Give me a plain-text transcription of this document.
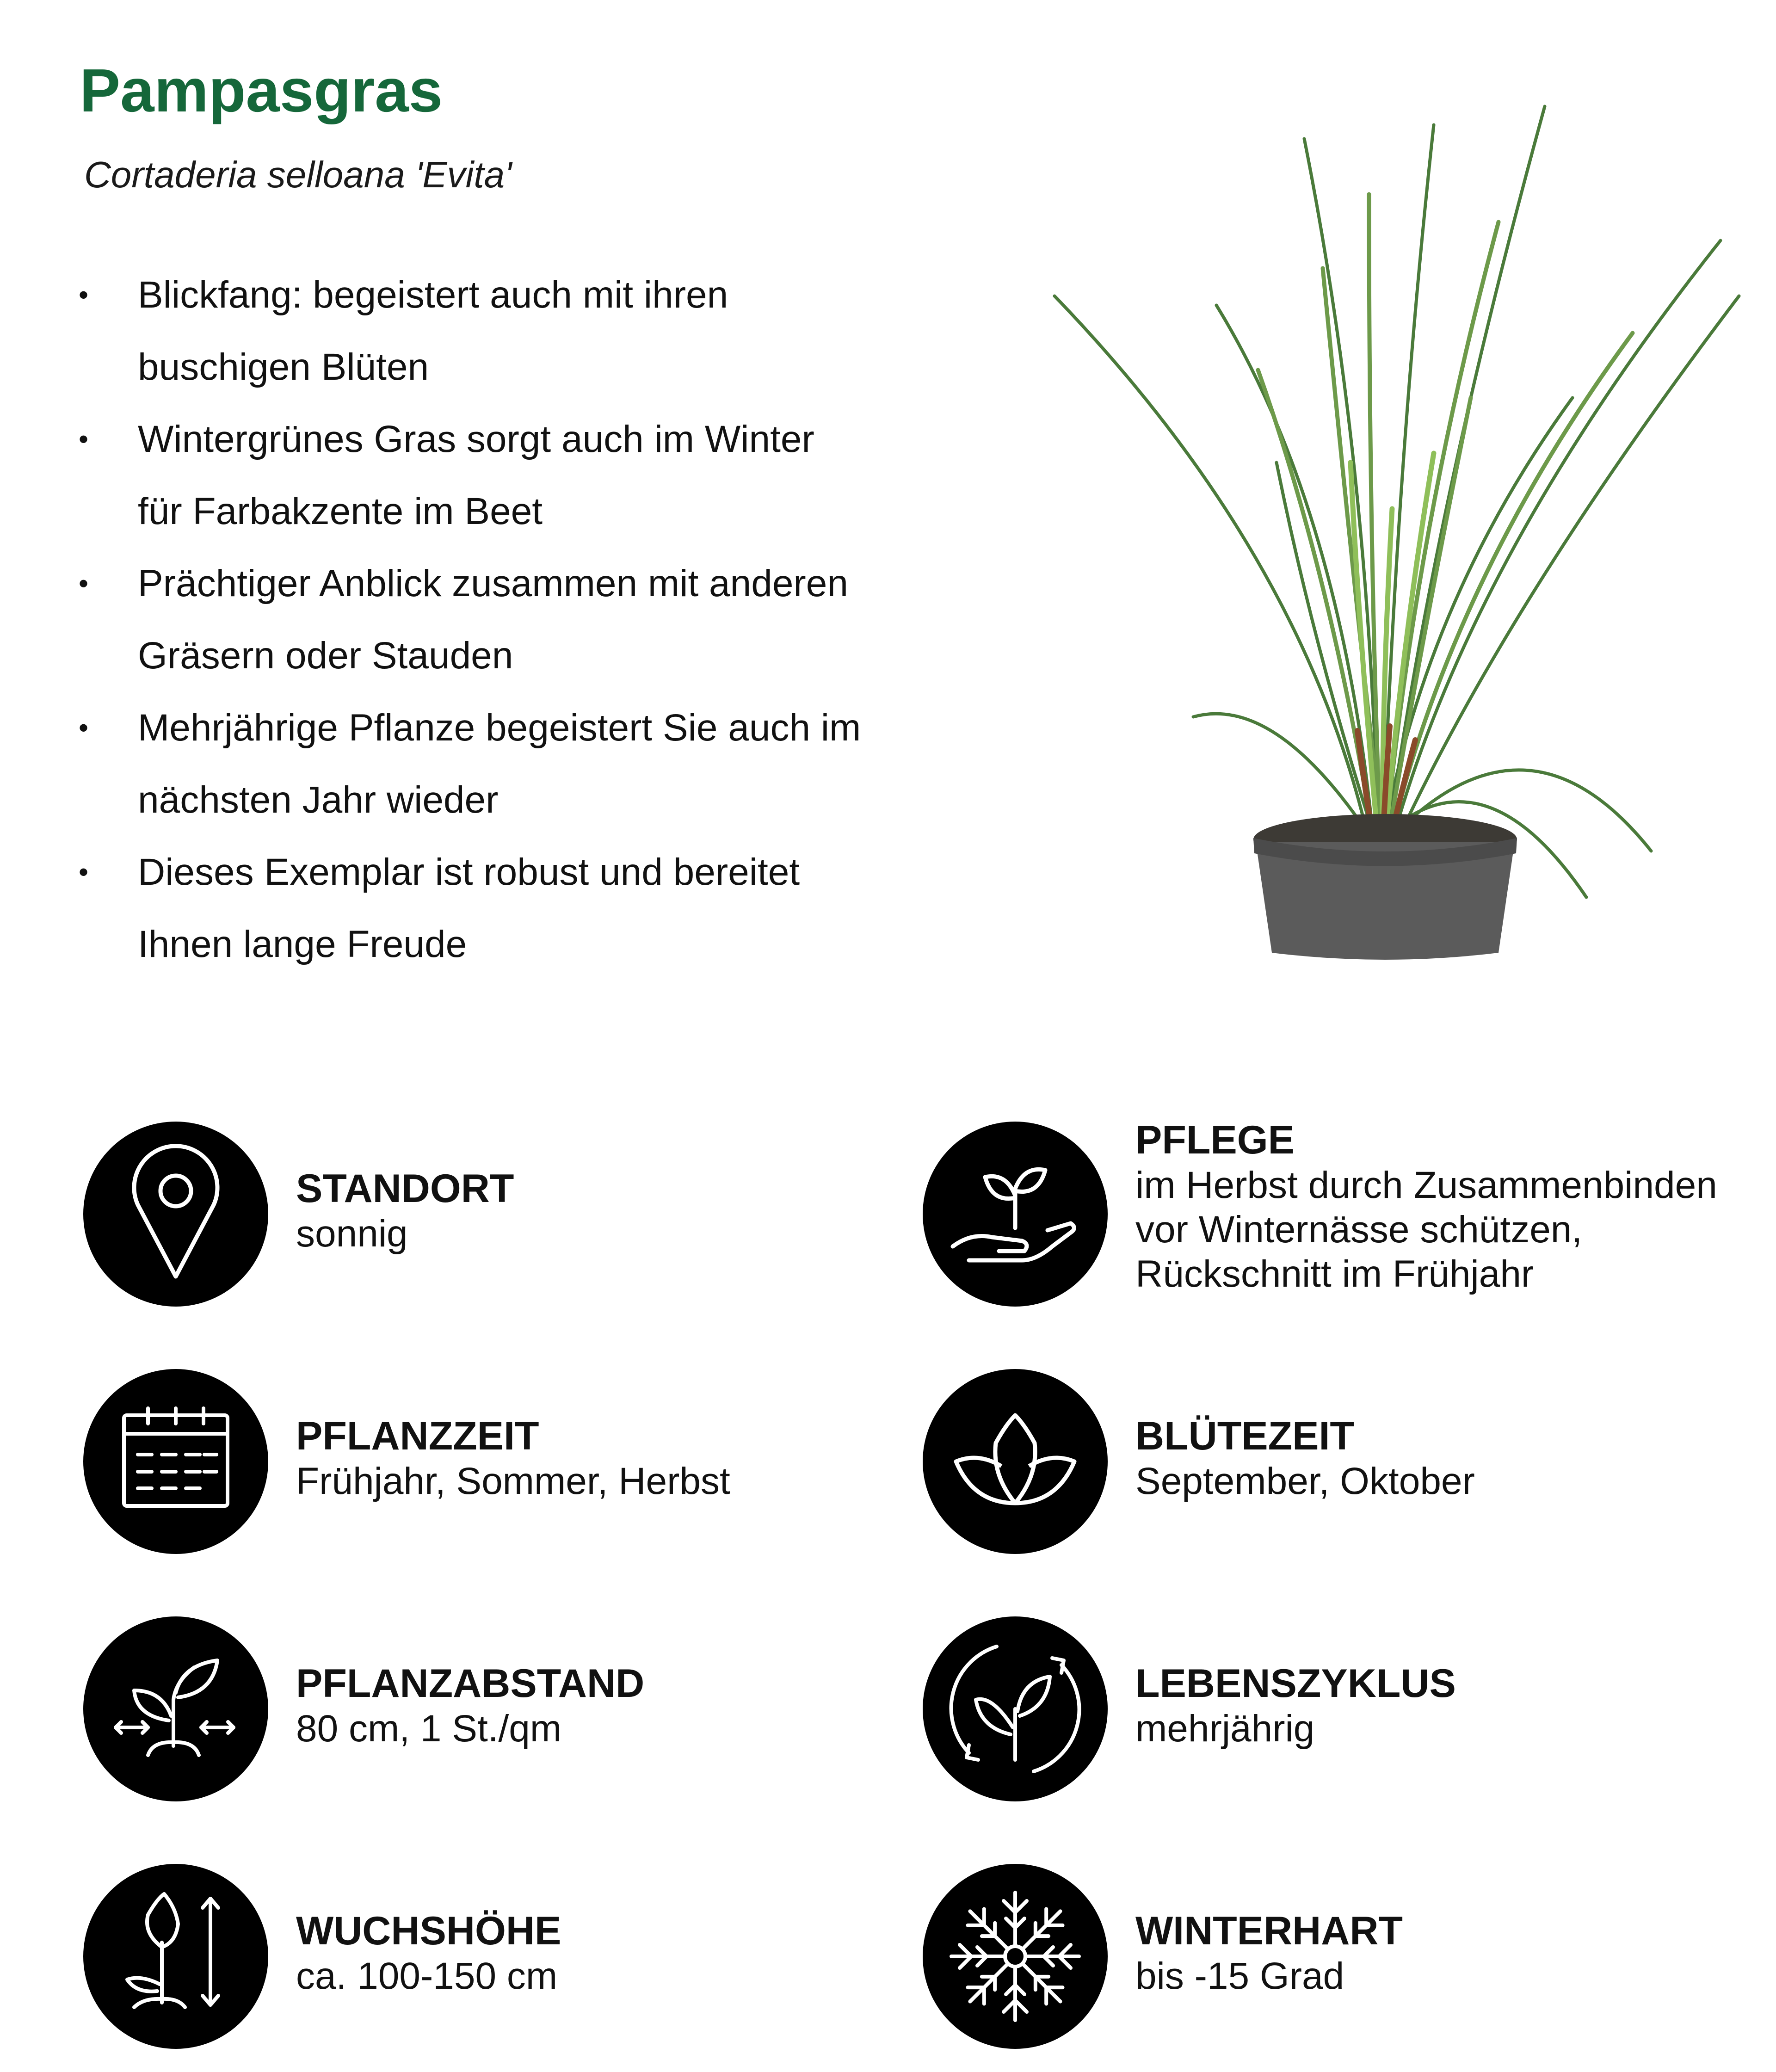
Pampasgras

Cortaderia selloana 'Evita'

• Blickfang: begeistert auch mit ihren
buschigen Blüten
• Wintergrünes Gras sorgt auch im Winter
für Farbakzente im Beet
• Prächtiger Anblick zusammen mit anderen
Gräsern oder Stauden
• Mehrjährige Pflanze begeistert Sie auch im
nächsten Jahr wieder
• Dieses Exemplar ist robust und bereitet
Ihnen lange Freude
STANDORT
sonnig
PFLEGE
im Herbst durch Zusammenbinden
vor Winternässe schützen,
Rückschnitt im Frühjahr
PFLANZZEIT
Frühjahr, Sommer, Herbst
BLÜTEZEIT
September, Oktober
PFLANZABSTAND
80 cm, 1 St./qm
LEBENSZYKLUS
mehrjährig
WUCHSHÖHE
ca. 100-150 cm
WINTERHART
bis -15 Grad
